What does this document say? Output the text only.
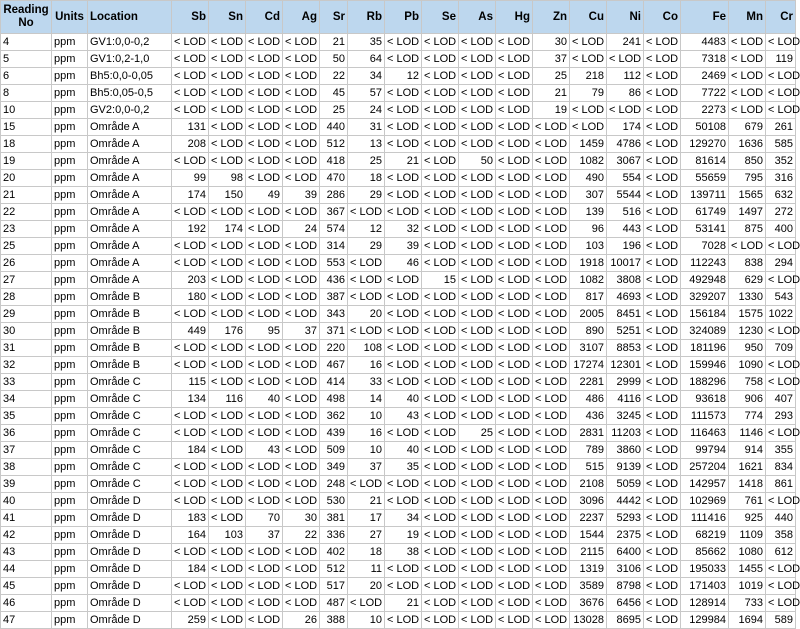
Reading No	Units	Location	Sb	Sn	Cd	Ag	Sr	Rb	Pb	Se	As	Hg	Zn	Cu	Ni	Co	Fe	Mn	Cr
4	ppm	GV1:0,0-0,2	< LOD	< LOD	< LOD	< LOD	21	35	< LOD	< LOD	< LOD	< LOD	30	< LOD	241	< LOD	4483	< LOD	< LOD
5	ppm	GV1:0,2-1,0	< LOD	< LOD	< LOD	< LOD	50	64	< LOD	< LOD	< LOD	< LOD	37	< LOD	< LOD	< LOD	7318	< LOD	119
6	ppm	Bh5:0,0-0,05	< LOD	< LOD	< LOD	< LOD	22	34	12	< LOD	< LOD	< LOD	25	218	112	< LOD	2469	< LOD	< LOD
8	ppm	Bh5:0,05-0,5	< LOD	< LOD	< LOD	< LOD	45	57	< LOD	< LOD	< LOD	< LOD	21	79	86	< LOD	7722	< LOD	< LOD
10	ppm	GV2:0,0-0,2	< LOD	< LOD	< LOD	< LOD	25	24	< LOD	< LOD	< LOD	< LOD	19	< LOD	< LOD	< LOD	2273	< LOD	< LOD
15	ppm	Område A	131	< LOD	< LOD	< LOD	440	31	< LOD	< LOD	< LOD	< LOD	< LOD	< LOD	174	< LOD	50108	679	261
18	ppm	Område A	208	< LOD	< LOD	< LOD	512	13	< LOD	< LOD	< LOD	< LOD	< LOD	1459	4786	< LOD	129270	1636	585
19	ppm	Område A	< LOD	< LOD	< LOD	< LOD	418	25	21	< LOD	50	< LOD	< LOD	1082	3067	< LOD	81614	850	352
20	ppm	Område A	99	98	< LOD	< LOD	470	18	< LOD	< LOD	< LOD	< LOD	< LOD	490	554	< LOD	55659	795	316
21	ppm	Område A	174	150	49	39	286	29	< LOD	< LOD	< LOD	< LOD	< LOD	307	5544	< LOD	139711	1565	632
22	ppm	Område A	< LOD	< LOD	< LOD	< LOD	367	< LOD	< LOD	< LOD	< LOD	< LOD	< LOD	139	516	< LOD	61749	1497	272
23	ppm	Område A	192	174	< LOD	24	574	12	32	< LOD	< LOD	< LOD	< LOD	96	443	< LOD	53141	875	400
25	ppm	Område A	< LOD	< LOD	< LOD	< LOD	314	29	39	< LOD	< LOD	< LOD	< LOD	103	196	< LOD	7028	< LOD	< LOD
26	ppm	Område A	< LOD	< LOD	< LOD	< LOD	553	< LOD	46	< LOD	< LOD	< LOD	< LOD	1918	10017	< LOD	112243	838	294
27	ppm	Område A	203	< LOD	< LOD	< LOD	436	< LOD	< LOD	15	< LOD	< LOD	< LOD	1082	3808	< LOD	492948	629	< LOD
28	ppm	Område B	180	< LOD	< LOD	< LOD	387	< LOD	< LOD	< LOD	< LOD	< LOD	< LOD	817	4693	< LOD	329207	1330	543
29	ppm	Område B	< LOD	< LOD	< LOD	< LOD	343	20	< LOD	< LOD	< LOD	< LOD	< LOD	2005	8451	< LOD	156184	1575	1022
30	ppm	Område B	449	176	95	37	371	< LOD	< LOD	< LOD	< LOD	< LOD	< LOD	890	5251	< LOD	324089	1230	< LOD
31	ppm	Område B	< LOD	< LOD	< LOD	< LOD	220	108	< LOD	< LOD	< LOD	< LOD	< LOD	3107	8853	< LOD	181196	950	709
32	ppm	Område B	< LOD	< LOD	< LOD	< LOD	467	16	< LOD	< LOD	< LOD	< LOD	< LOD	17274	12301	< LOD	159946	1090	< LOD
33	ppm	Område C	115	< LOD	< LOD	< LOD	414	33	< LOD	< LOD	< LOD	< LOD	< LOD	2281	2999	< LOD	188296	758	< LOD
34	ppm	Område C	134	116	40	< LOD	498	14	40	< LOD	< LOD	< LOD	< LOD	486	4116	< LOD	93618	906	407
35	ppm	Område C	< LOD	< LOD	< LOD	< LOD	362	10	43	< LOD	< LOD	< LOD	< LOD	436	3245	< LOD	111573	774	293
36	ppm	Område C	< LOD	< LOD	< LOD	< LOD	439	16	< LOD	< LOD	25	< LOD	< LOD	2831	11203	< LOD	116463	1146	< LOD
37	ppm	Område C	184	< LOD	43	< LOD	509	10	40	< LOD	< LOD	< LOD	< LOD	789	3860	< LOD	99794	914	355
38	ppm	Område C	< LOD	< LOD	< LOD	< LOD	349	37	35	< LOD	< LOD	< LOD	< LOD	515	9139	< LOD	257204	1621	834
39	ppm	Område C	< LOD	< LOD	< LOD	< LOD	248	< LOD	< LOD	< LOD	< LOD	< LOD	< LOD	2108	5059	< LOD	142957	1418	861
40	ppm	Område D	< LOD	< LOD	< LOD	< LOD	530	21	< LOD	< LOD	< LOD	< LOD	< LOD	3096	4442	< LOD	102969	761	< LOD
41	ppm	Område D	183	< LOD	70	30	381	17	34	< LOD	< LOD	< LOD	< LOD	2237	5293	< LOD	111416	925	440
42	ppm	Område D	164	103	37	22	336	27	19	< LOD	< LOD	< LOD	< LOD	1544	2375	< LOD	68219	1109	358
43	ppm	Område D	< LOD	< LOD	< LOD	< LOD	402	18	38	< LOD	< LOD	< LOD	< LOD	2115	6400	< LOD	85662	1080	612
44	ppm	Område D	184	< LOD	< LOD	< LOD	512	11	< LOD	< LOD	< LOD	< LOD	< LOD	1319	3106	< LOD	195033	1455	< LOD
45	ppm	Område D	< LOD	< LOD	< LOD	< LOD	517	20	< LOD	< LOD	< LOD	< LOD	< LOD	3589	8798	< LOD	171403	1019	< LOD
46	ppm	Område D	< LOD	< LOD	< LOD	< LOD	487	< LOD	21	< LOD	< LOD	< LOD	< LOD	3676	6456	< LOD	128914	733	< LOD
47	ppm	Område D	259	< LOD	< LOD	26	388	10	< LOD	< LOD	< LOD	< LOD	< LOD	13028	8695	< LOD	129984	1694	589
